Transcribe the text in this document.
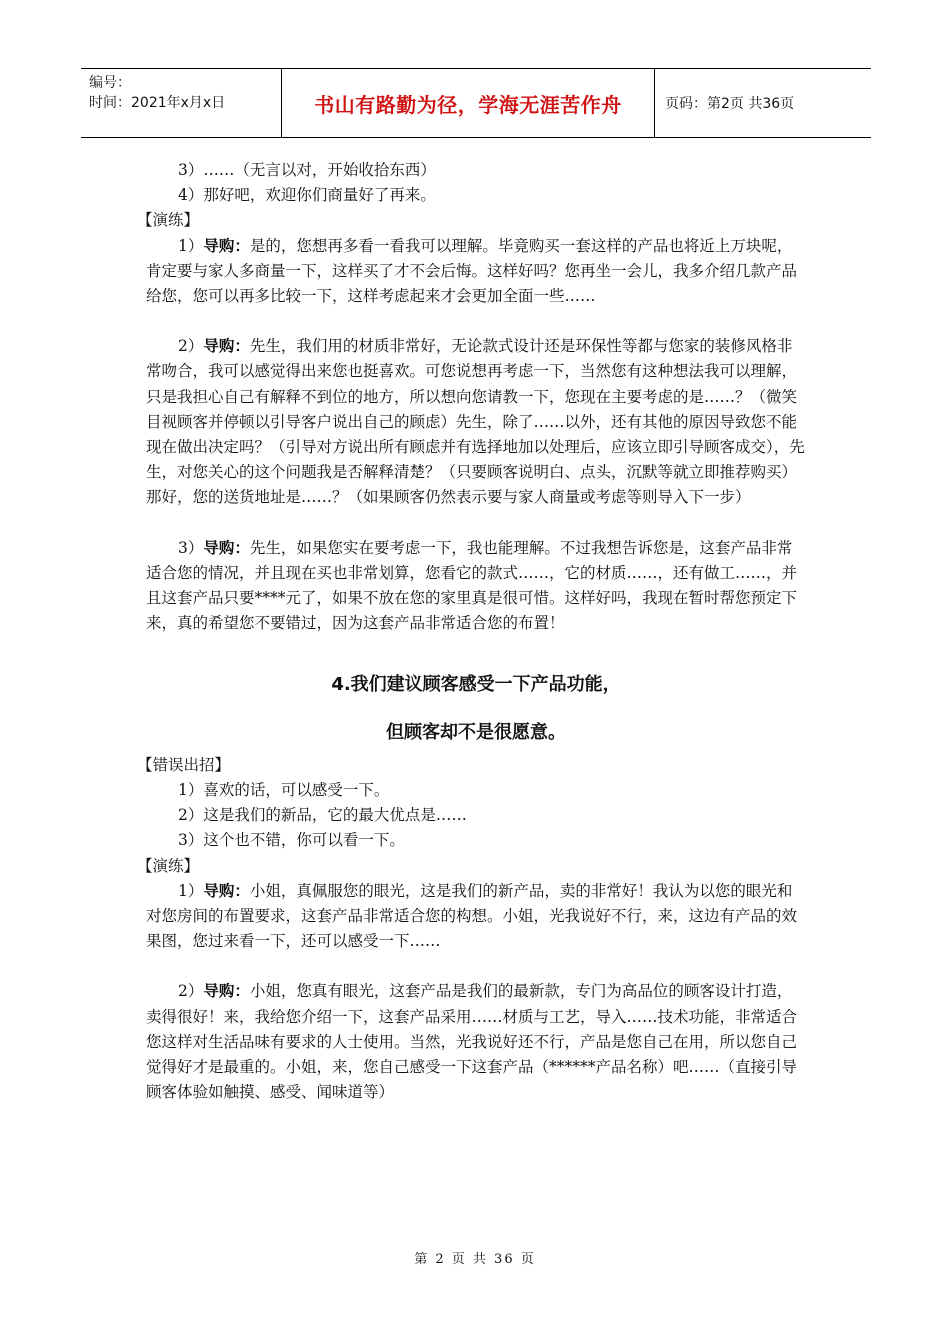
编号：
时间：2021年x月x日	书山有路勤为径，学海无涯苦作舟	页码：第2页 共36页

3）……（无言以对，开始收拾东西）

4）那好吧，欢迎你们商量好了再来。

【演练】

1）导购：是的，您想再多看一看我可以理解。毕竟购买一套这样的产品也将近上万块呢，肯定要与家人多商量一下，这样买了才不会后悔。这样好吗？您再坐一会儿，我多介绍几款产品给您，您可以再多比较一下，这样考虑起来才会更加全面一些……

2）导购：先生，我们用的材质非常好，无论款式设计还是环保性等都与您家的装修风格非常吻合，我可以感觉得出来您也挺喜欢。可您说想再考虑一下，当然您有这种想法我可以理解，只是我担心自己有解释不到位的地方，所以想向您请教一下，您现在主要考虑的是……？（微笑目视顾客并停顿以引导客户说出自己的顾虑）先生，除了……以外，还有其他的原因导致您不能现在做出决定吗？（引导对方说出所有顾虑并有选择地加以处理后，应该立即引导顾客成交），先生，对您关心的这个问题我是否解释清楚？（只要顾客说明白、点头，沉默等就立即推荐购买）那好，您的送货地址是……？（如果顾客仍然表示要与家人商量或考虑等则导入下一步）

3）导购：先生，如果您实在要考虑一下，我也能理解。不过我想告诉您是，这套产品非常适合您的情况，并且现在买也非常划算，您看它的款式……，它的材质……，还有做工……，并且这套产品只要****元了，如果不放在您的家里真是很可惜。这样好吗，我现在暂时帮您预定下来，真的希望您不要错过，因为这套产品非常适合您的布置！

4.我们建议顾客感受一下产品功能，

但顾客却不是很愿意。

【错误出招】

1）喜欢的话，可以感受一下。

2）这是我们的新品，它的最大优点是……

3）这个也不错，你可以看一下。

【演练】

1）导购：小姐，真佩服您的眼光，这是我们的新产品，卖的非常好！我认为以您的眼光和对您房间的布置要求，这套产品非常适合您的构想。小姐，光我说好不行，来，这边有产品的效果图，您过来看一下，还可以感受一下……

2）导购：小姐，您真有眼光，这套产品是我们的最新款，专门为高品位的顾客设计打造，卖得很好！来，我给您介绍一下，这套产品采用……材质与工艺，导入……技术功能，非常适合您这样对生活品味有要求的人士使用。当然，光我说好还不行，产品是您自己在用，所以您自己觉得好才是最重的。小姐，来，您自己感受一下这套产品（******产品名称）吧……（直接引导顾客体验如触摸、感受、闻味道等）

第 2 页 共 36 页
